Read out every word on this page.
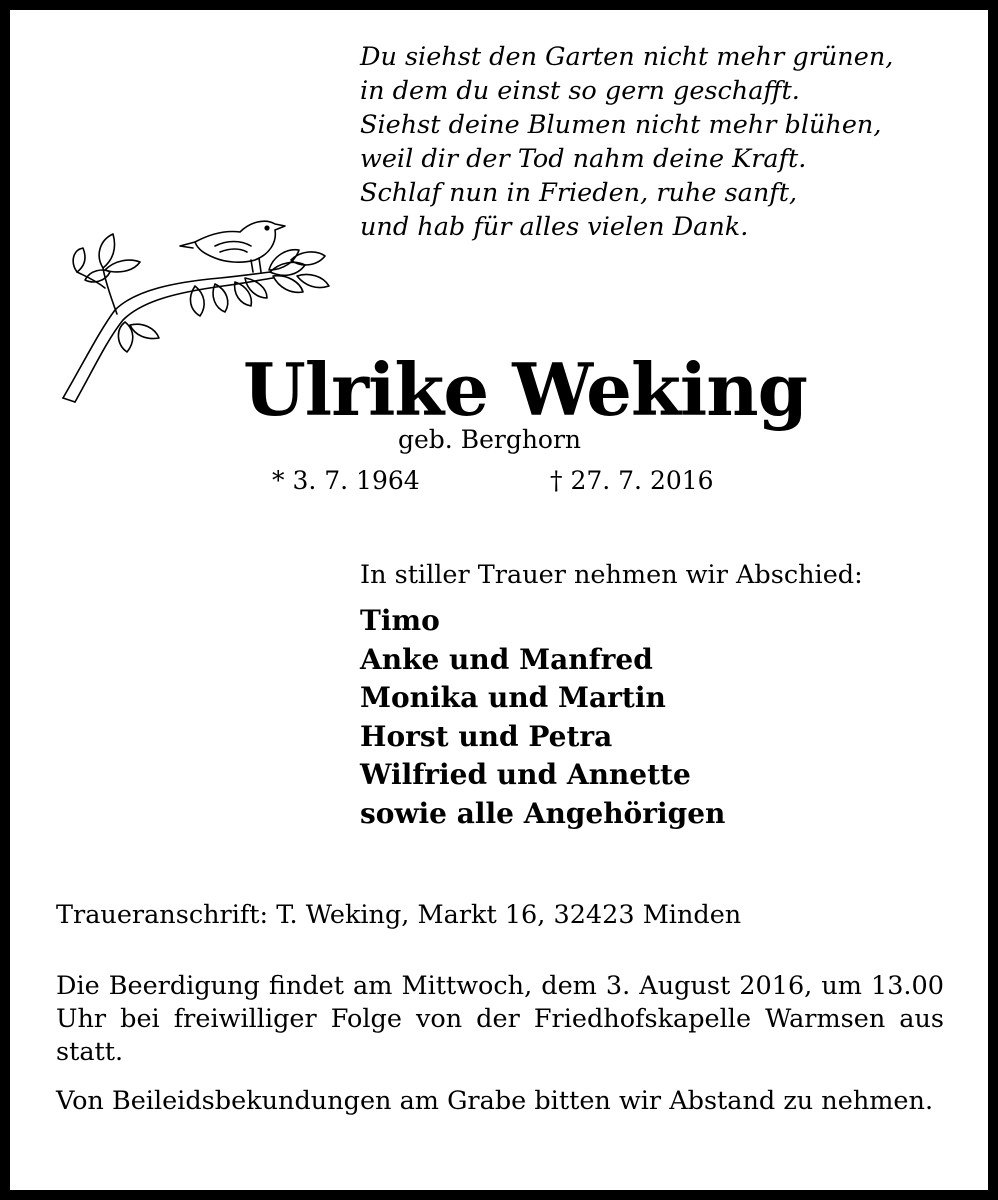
Du siehst den Garten nicht mehr grünen,
in dem du einst so gern geschafft.
Siehst deine Blumen nicht mehr blühen,
weil dir der Tod nahm deine Kraft.
Schlaf nun in Frieden, ruhe sanft,
und hab für alles vielen Dank.
Ulrike Weking
geb. Berghorn
* 3. 7. 1964	† 27. 7. 2016
In stiller Trauer nehmen wir Abschied:
Timo
Anke und Manfred
Monika und Martin
Horst und Petra
Wilfried und Annette
sowie alle Angehörigen
Traueranschrift: T. Weking, Markt 16, 32423 Minden
Die Beerdigung findet am Mittwoch, dem 3. August 2016, um 13.00 Uhr bei freiwilliger Folge von der Friedhofskapelle Warmsen aus statt.
Von Beileidsbekundungen am Grabe bitten wir Abstand zu nehmen.
